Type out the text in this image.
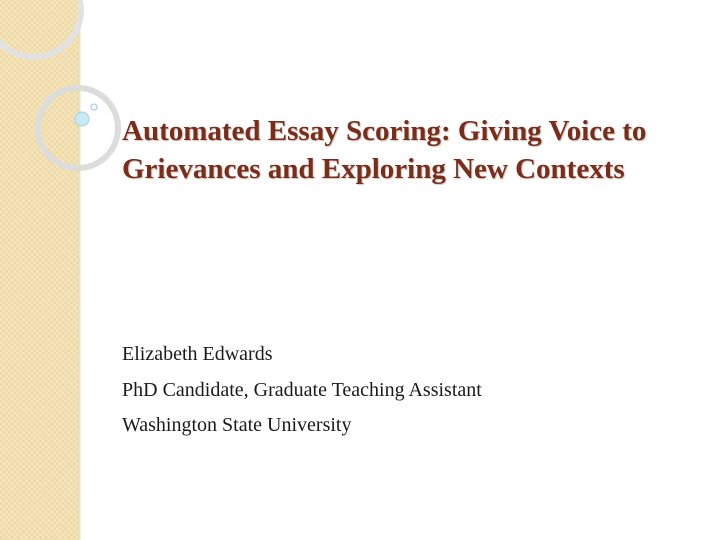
Automated Essay Scoring: Giving Voice to Grievances and Exploring New Contexts
Elizabeth Edwards
PhD Candidate, Graduate Teaching Assistant
Washington State University
